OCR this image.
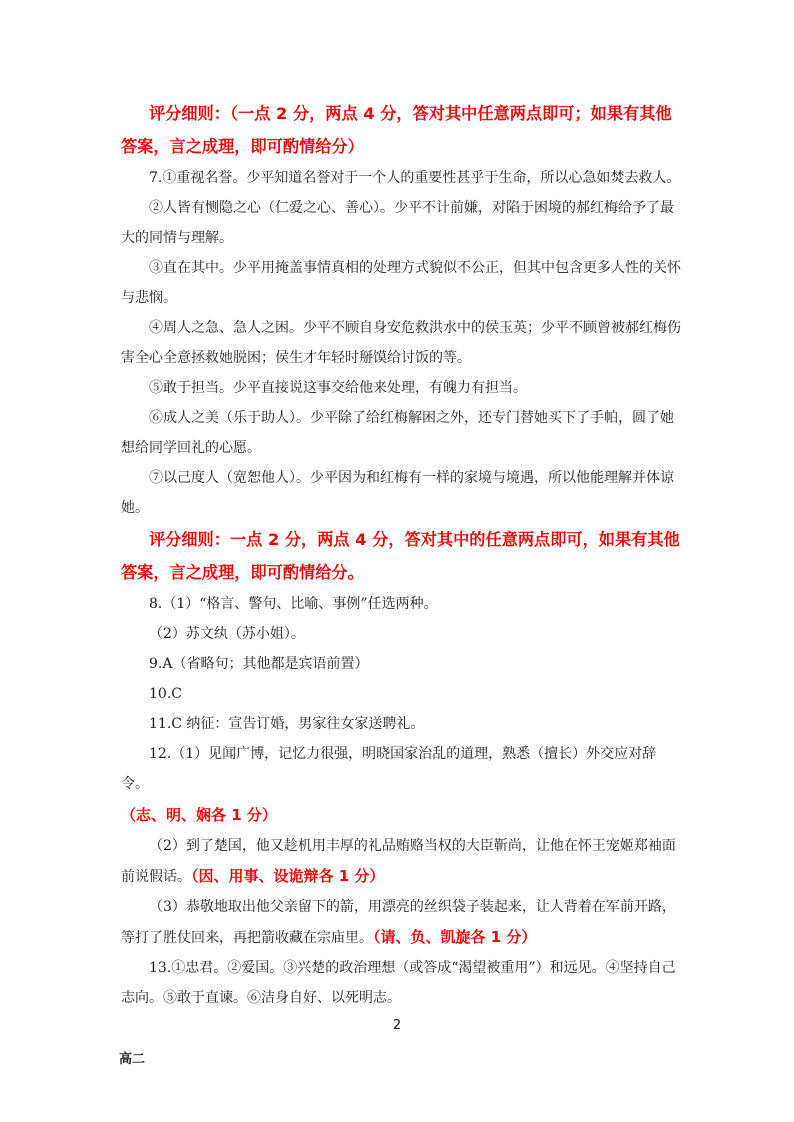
评分细则：（一点 2 分，两点 4 分，答对其中任意两点即可；如果有其他答案，言之成理，即可酌情给分）

7.①重视名誉。少平知道名誉对于一个人的重要性甚乎于生命，所以心急如焚去救人。

②人皆有恻隐之心（仁爱之心、善心）。少平不计前嫌，对陷于困境的郝红梅给予了最大的同情与理解。

③直在其中。少平用掩盖事情真相的处理方式貌似不公正，但其中包含更多人性的关怀与悲悯。

④周人之急、急人之困。少平不顾自身安危救洪水中的侯玉英；少平不顾曾被郝红梅伤害全心全意拯救她脱困；侯生才年轻时掰馍给讨饭的等。

⑤敢于担当。少平直接说这事交给他来处理，有魄力有担当。

⑥成人之美（乐于助人）。少平除了给红梅解困之外，还专门替她买下了手帕，圆了她想给同学回礼的心愿。

⑦以己度人（宽恕他人）。少平因为和红梅有一样的家境与境遇，所以他能理解并体谅她。

评分细则：一点 2 分，两点 4 分，答对其中的任意两点即可，如果有其他答案，言之成理，即可酌情给分。

8.（1）“格言、警句、比喻、事例”任选两种。

（2）苏文纨（苏小姐）。

9.A（省略句；其他都是宾语前置）

10.C

11.C 纳征：宣告订婚，男家往女家送聘礼。

12.（1）见闻广博，记忆力很强，明晓国家治乱的道理，熟悉（擅长）外交应对辞令。

（志、明、娴各 1 分）

（2）到了楚国，他又趁机用丰厚的礼品贿赂当权的大臣靳尚，让他在怀王宠姬郑袖面前说假话。（因、用事、设诡辩各 1 分）

（3）恭敬地取出他父亲留下的箭，用漂亮的丝织袋子装起来，让人背着在军前开路，等打了胜仗回来，再把箭收藏在宗庙里。（请、负、凯旋各 1 分）

13.①忠君。②爱国。③兴楚的政治理想（或答成“渴望被重用”）和远见。④坚持自己志向。⑤敢于直谏。⑥洁身自好、以死明志。

2
高二
